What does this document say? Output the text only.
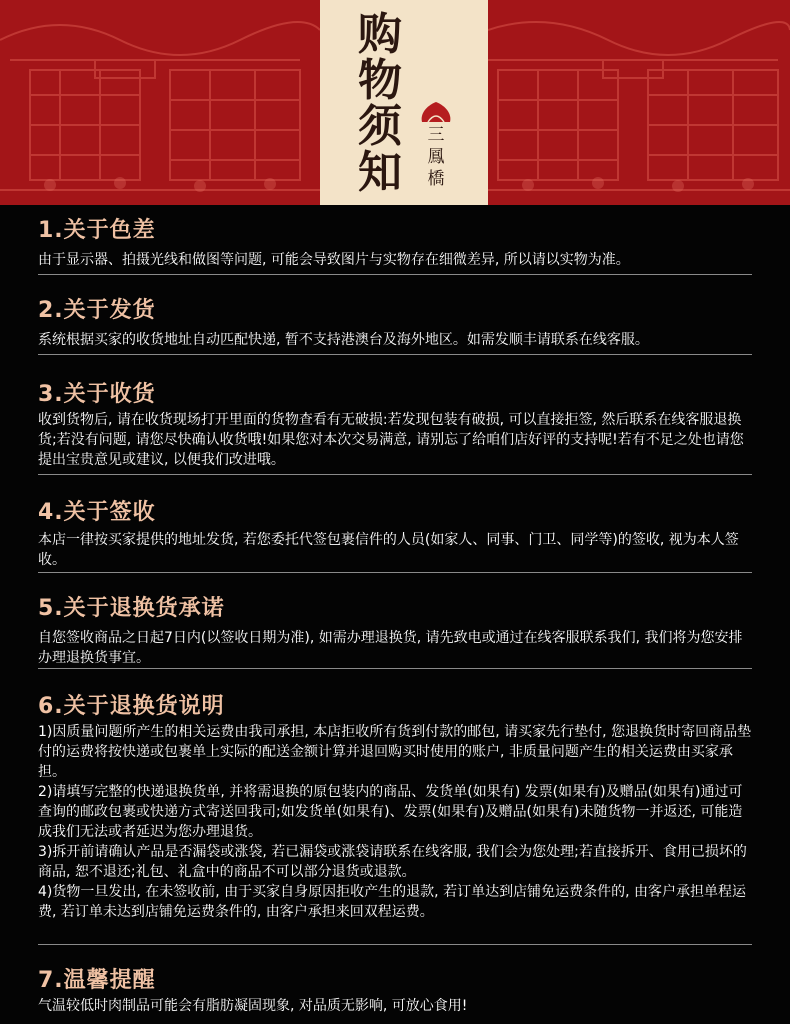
购
物
须
知
三鳳橋
1.关于色差

由于显示器、拍摄光线和做图等问题, 可能会导致图片与实物存在细微差异, 所以请以实物为准。

2.关于发货

系统根据买家的收货地址自动匹配快递, 暂不支持港澳台及海外地区。如需发顺丰请联系在线客服。

3.关于收货

收到货物后, 请在收货现场打开里面的货物查看有无破损:若发现包装有破损, 可以直接拒签, 然后联系在线客服退换货;若没有问题, 请您尽快确认收货哦!如果您对本次交易满意, 请别忘了给咱们店好评的支持呢!若有不足之处也请您提出宝贵意见或建议, 以便我们改进哦。

4.关于签收

本店一律按买家提供的地址发货, 若您委托代签包裹信件的人员(如家人、同事、门卫、同学等)的签收, 视为本人签收。

5.关于退换货承诺

自您签收商品之日起7日内(以签收日期为准), 如需办理退换货, 请先致电或通过在线客服联系我们, 我们将为您安排办理退换货事宜。

6.关于退换货说明

1)因质量问题所产生的相关运费由我司承担, 本店拒收所有货到付款的邮包, 请买家先行垫付, 您退换货时寄回商品垫付的运费将按快递或包裹单上实际的配送金额计算并退回购买时使用的账户, 非质量问题产生的相关运费由买家承担。

2)请填写完整的快递退换货单, 并将需退换的原包装内的商品、发货单(如果有) 发票(如果有)及赠品(如果有)通过可查询的邮政包裹或快递方式寄送回我司;如发货单(如果有)、发票(如果有)及赠品(如果有)未随货物一并返还, 可能造成我们无法或者延迟为您办理退货。

3)拆开前请确认产品是否漏袋或涨袋, 若已漏袋或涨袋请联系在线客服, 我们会为您处理;若直接拆开、食用已损坏的商品, 恕不退还;礼包、礼盒中的商品不可以部分退货或退款。

4)货物一旦发出, 在未签收前, 由于买家自身原因拒收产生的退款, 若订单达到店铺免运费条件的, 由客户承担单程运费, 若订单未达到店铺免运费条件的, 由客户承担来回双程运费。

7.温馨提醒

气温较低时肉制品可能会有脂肪凝固现象, 对品质无影响, 可放心食用!
